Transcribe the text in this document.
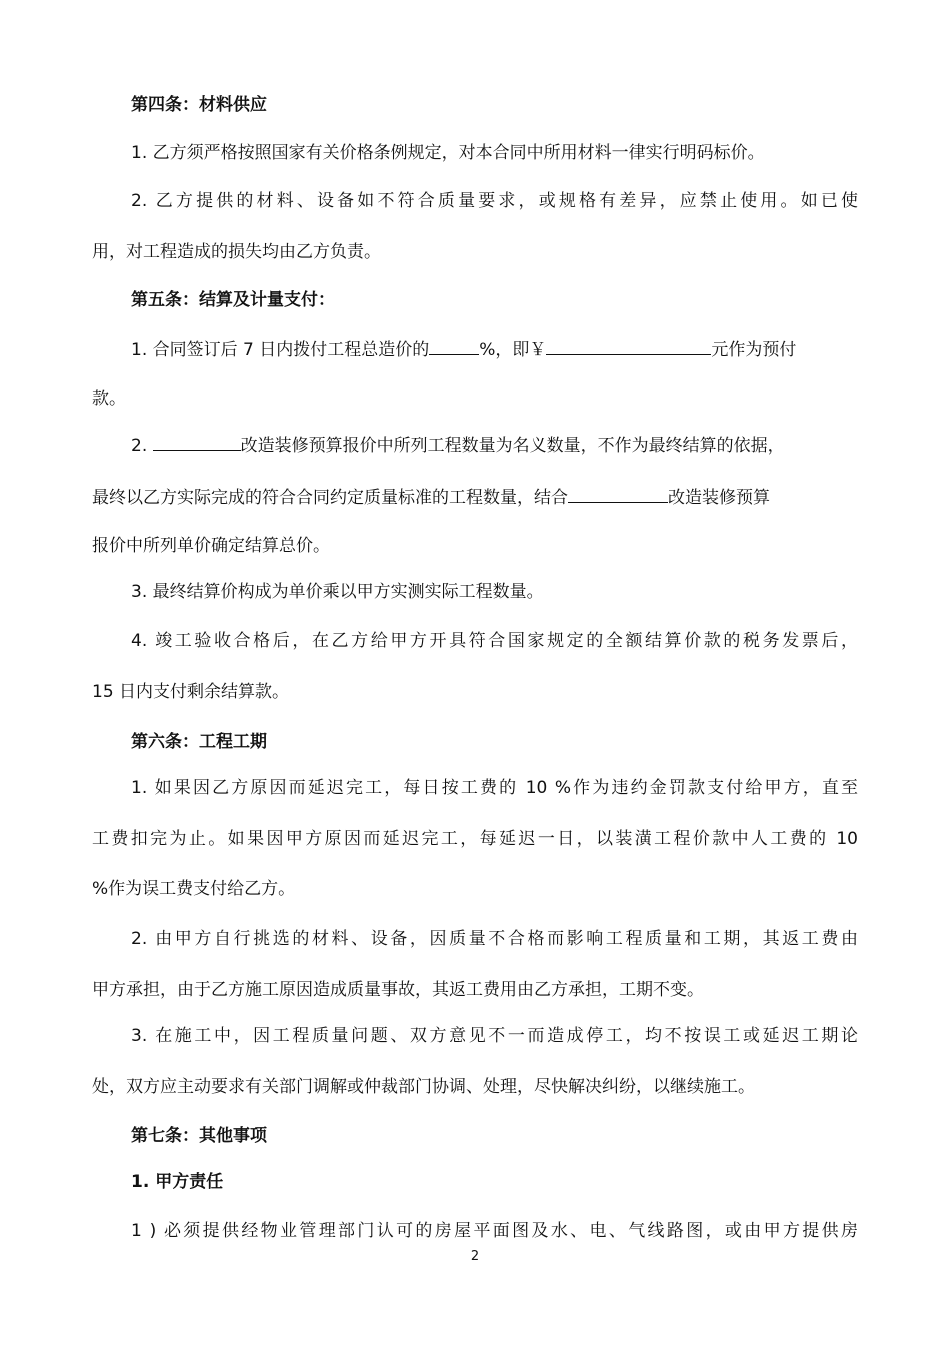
第四条：材料供应
1. 乙方须严格按照国家有关价格条例规定，对本合同中所用材料一律实行明码标价。
2. 乙方提供的材料、设备如不符合质量要求，或规格有差异，应禁止使用。如已使
用，对工程造成的损失均由乙方负责。
第五条：结算及计量支付：
1. 合同签订后 7 日内拨付工程总造价的	%，即￥	元作为预付
款。
2.	改造装修预算报价中所列工程数量为名义数量，不作为最终结算的依据，
最终以乙方实际完成的符合合同约定质量标准的工程数量，结合	改造装修预算
报价中所列单价确定结算总价。
3. 最终结算价构成为单价乘以甲方实测实际工程数量。
4. 竣工验收合格后，在乙方给甲方开具符合国家规定的全额结算价款的税务发票后，
15 日内支付剩余结算款。
第六条：工程工期
1. 如果因乙方原因而延迟完工，每日按工费的 10 %作为违约金罚款支付给甲方，直至
工费扣完为止。如果因甲方原因而延迟完工，每延迟一日，以装潢工程价款中人工费的 10
%作为误工费支付给乙方。
2. 由甲方自行挑选的材料、设备，因质量不合格而影响工程质量和工期，其返工费由
甲方承担，由于乙方施工原因造成质量事故，其返工费用由乙方承担，工期不变。
3. 在施工中，因工程质量问题、双方意见不一而造成停工，均不按误工或延迟工期论
处，双方应主动要求有关部门调解或仲裁部门协调、处理，尽快解决纠纷，以继续施工。
第七条：其他事项
1. 甲方责任
1 ) 必须提供经物业管理部门认可的房屋平面图及水、电、气线路图，或由甲方提供房
2
